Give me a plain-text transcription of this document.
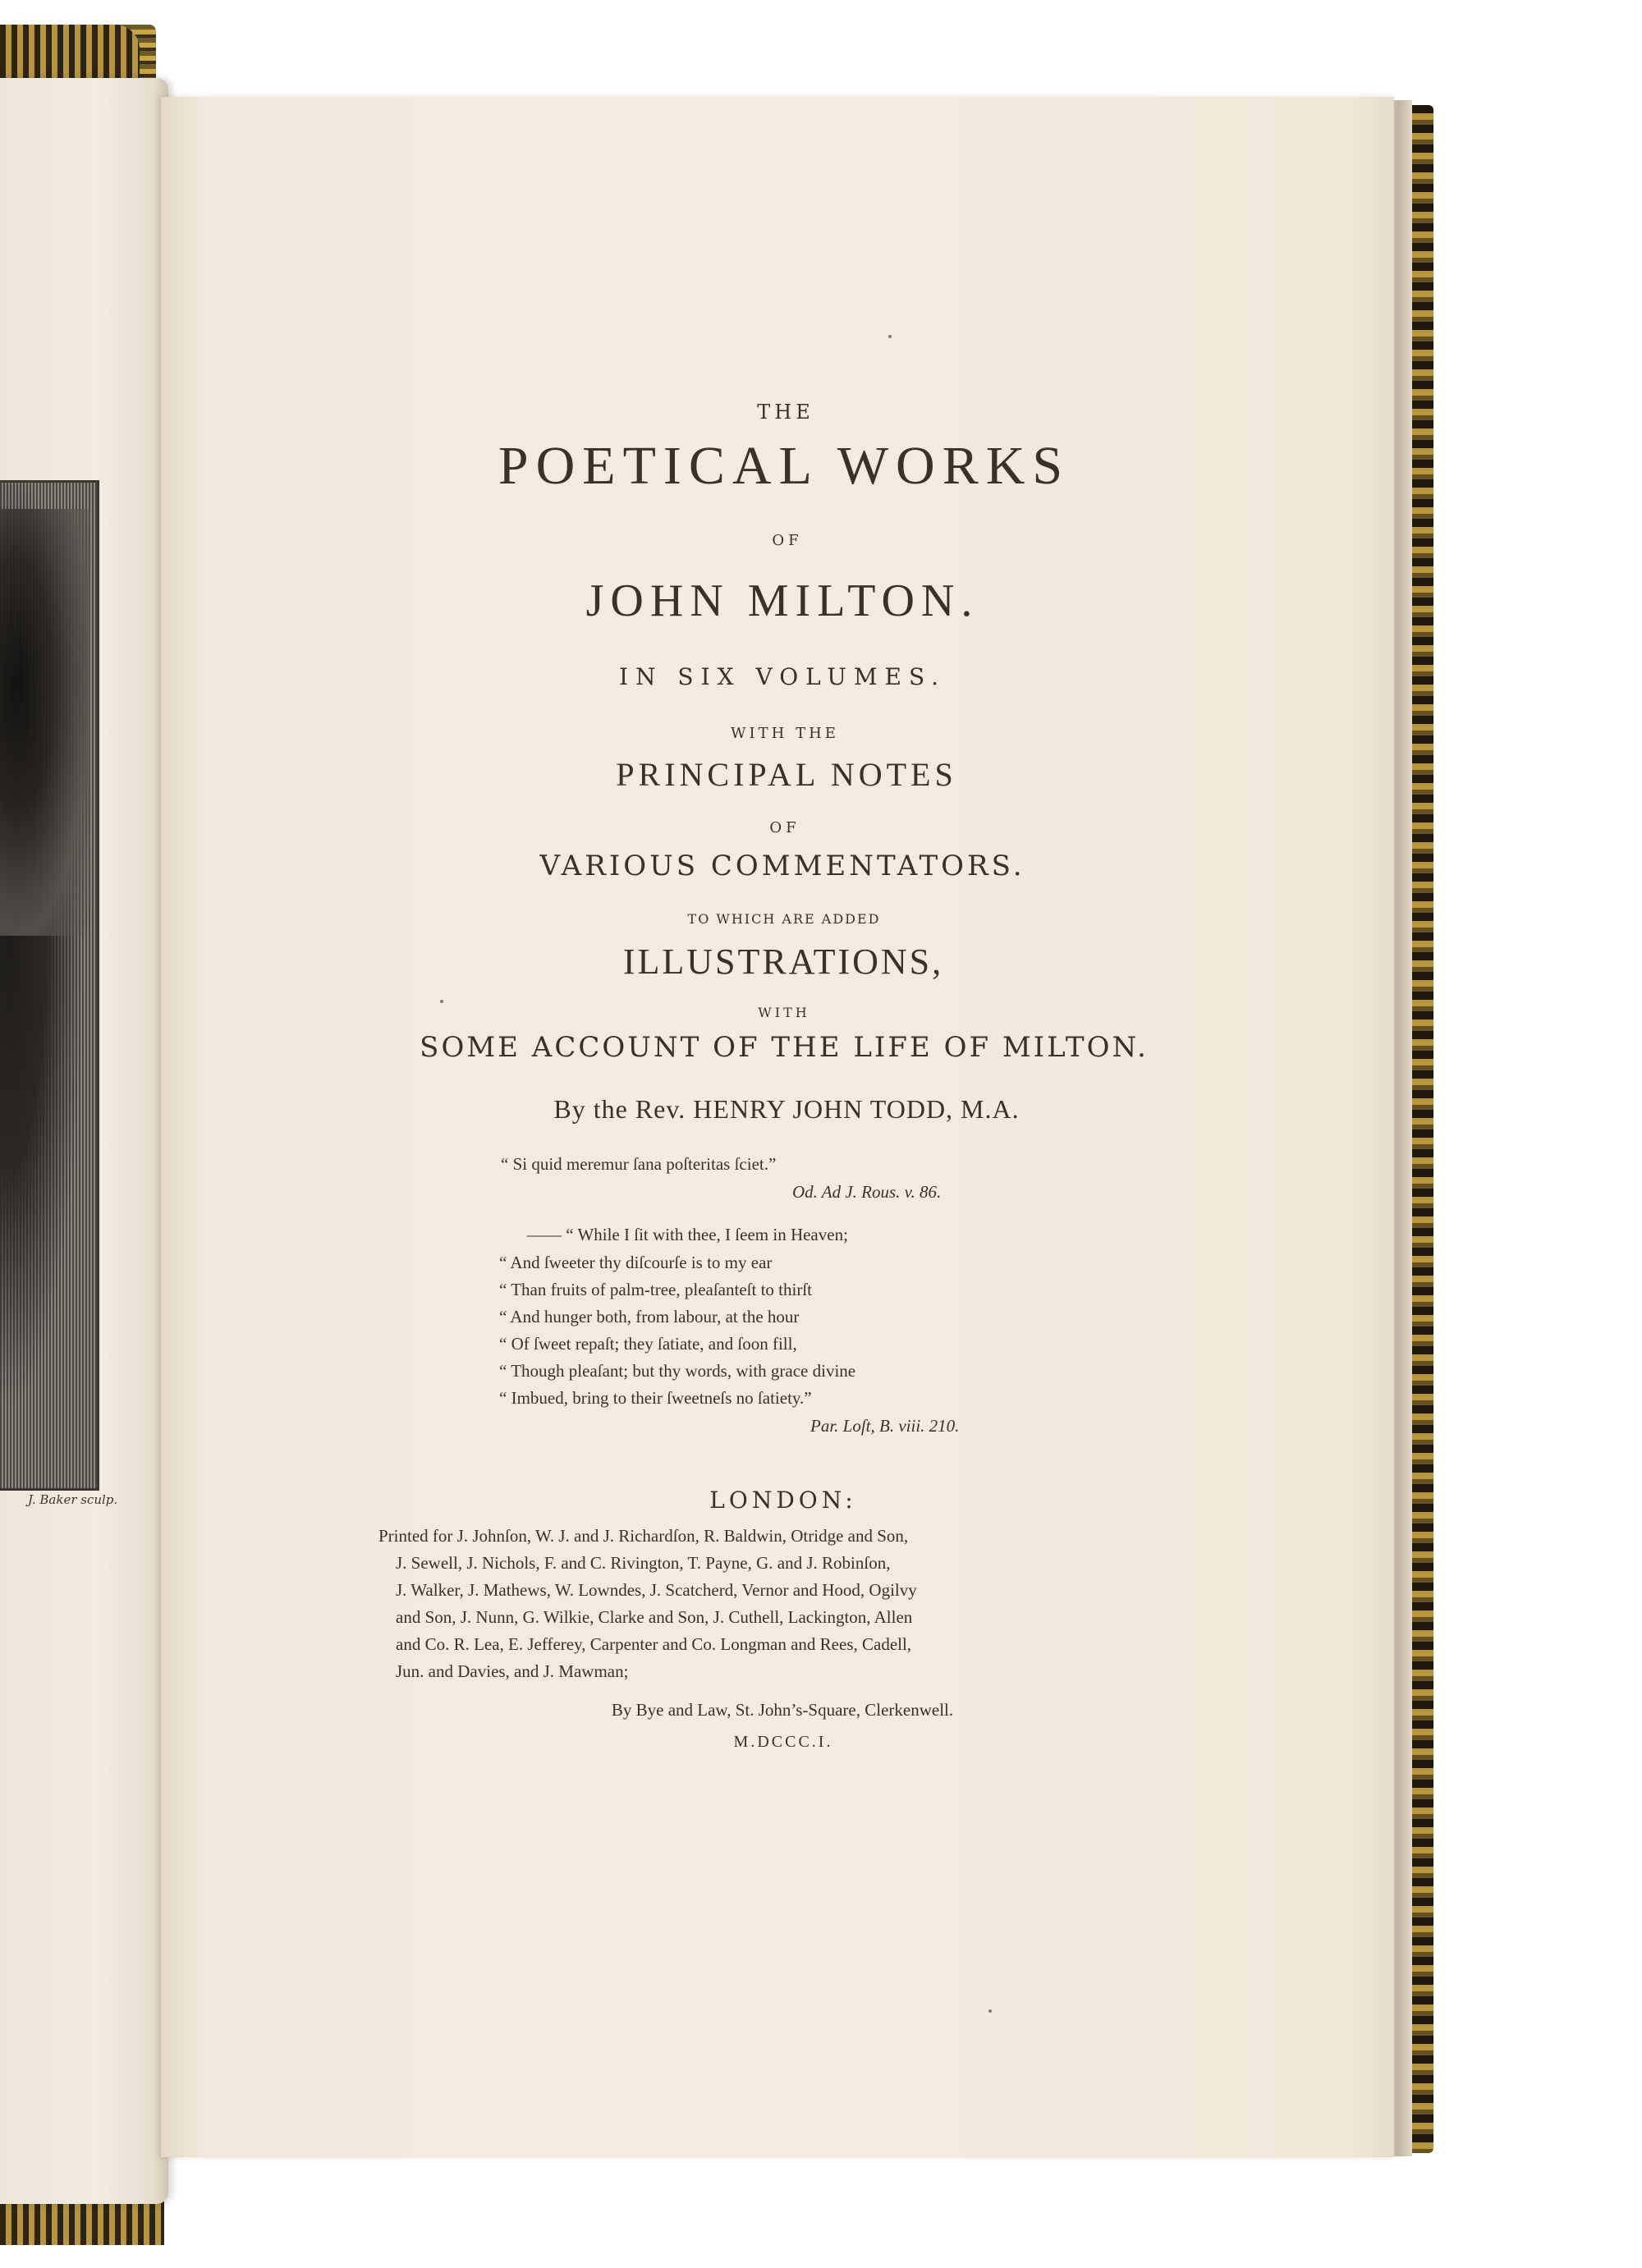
J. Baker sculp.
THE
POETICAL WORKS
OF
JOHN MILTON.
IN SIX VOLUMES.
WITH THE
PRINCIPAL NOTES
OF
VARIOUS COMMENTATORS.
TO WHICH ARE ADDED
ILLUSTRATIONS,
WITH
SOME ACCOUNT OF THE LIFE OF MILTON.
By the Rev. HENRY JOHN TODD, M.A.
“ Si quid meremur ſana poſteritas ſciet.”
Od. Ad J. Rous. v. 86.
—— “ While I ſit with thee, I ſeem in Heaven;
“ And ſweeter thy diſcourſe is to my ear
“ Than fruits of palm-tree, pleaſanteſt to thirſt
“ And hunger both, from labour, at the hour
“ Of ſweet repaſt; they ſatiate, and ſoon fill,
“ Though pleaſant; but thy words, with grace divine
“ Imbued, bring to their ſweetneſs no ſatiety.”
Par. Loſt, B. viii. 210.
LONDON:
Printed for J. Johnſon, W. J. and J. Richardſon, R. Baldwin, Otridge and Son,
J. Sewell, J. Nichols, F. and C. Rivington, T. Payne, G. and J. Robinſon,
J. Walker, J. Mathews, W. Lowndes, J. Scatcherd, Vernor and Hood, Ogilvy
and Son, J. Nunn, G. Wilkie, Clarke and Son, J. Cuthell, Lackington, Allen
and Co. R. Lea, E. Jefferey, Carpenter and Co. Longman and Rees, Cadell,
Jun. and Davies, and J. Mawman;
By Bye and Law, St. John’s-Square, Clerkenwell.
M.DCCC.I.
